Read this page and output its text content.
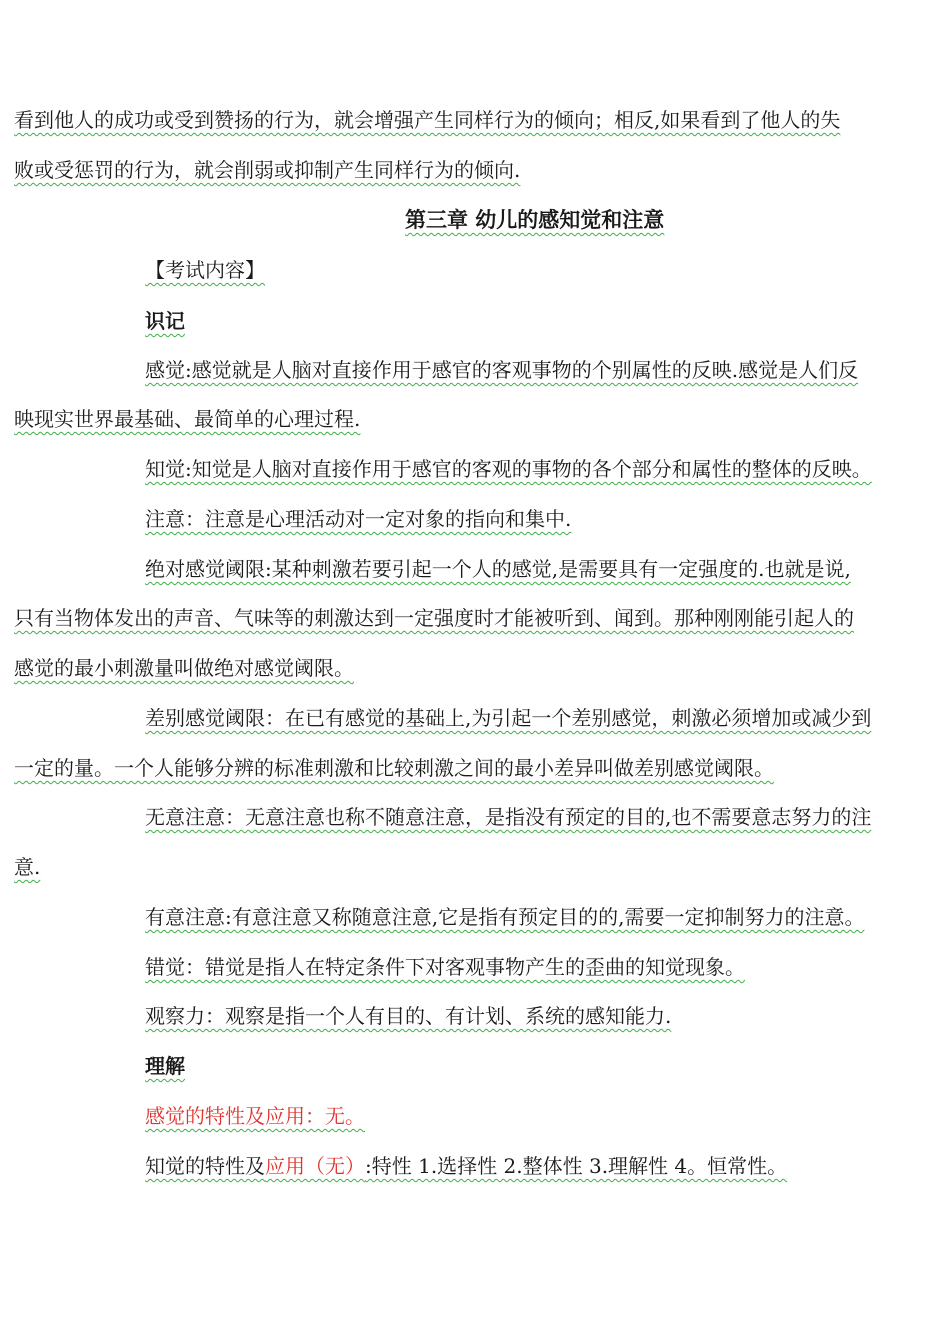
看到他人的成功或受到赞扬的行为，就会增强产生同样行为的倾向；相反,如果看到了他人的失
败或受惩罚的行为，就会削弱或抑制产生同样行为的倾向.
第三章 幼儿的感知觉和注意
【考试内容】
识记
感觉:感觉就是人脑对直接作用于感官的客观事物的个别属性的反映.感觉是人们反
映现实世界最基础、最简单的心理过程.
知觉:知觉是人脑对直接作用于感官的客观的事物的各个部分和属性的整体的反映。
注意：注意是心理活动对一定对象的指向和集中.
绝对感觉阈限:某种刺激若要引起一个人的感觉,是需要具有一定强度的.也就是说,
只有当物体发出的声音、气味等的刺激达到一定强度时才能被听到、闻到。那种刚刚能引起人的
感觉的最小刺激量叫做绝对感觉阈限。
差别感觉阈限：在已有感觉的基础上,为引起一个差别感觉，刺激必须增加或减少到
一定的量。一个人能够分辨的标准刺激和比较刺激之间的最小差异叫做差别感觉阈限。
无意注意：无意注意也称不随意注意，是指没有预定的目的,也不需要意志努力的注
意.
有意注意:有意注意又称随意注意,它是指有预定目的的,需要一定抑制努力的注意。
错觉：错觉是指人在特定条件下对客观事物产生的歪曲的知觉现象。
观察力：观察是指一个人有目的、有计划、系统的感知能力.
理解
感觉的特性及应用：无。
知觉的特性及应用（无）:特性 1.选择性 2.整体性 3.理解性 4。恒常性。
